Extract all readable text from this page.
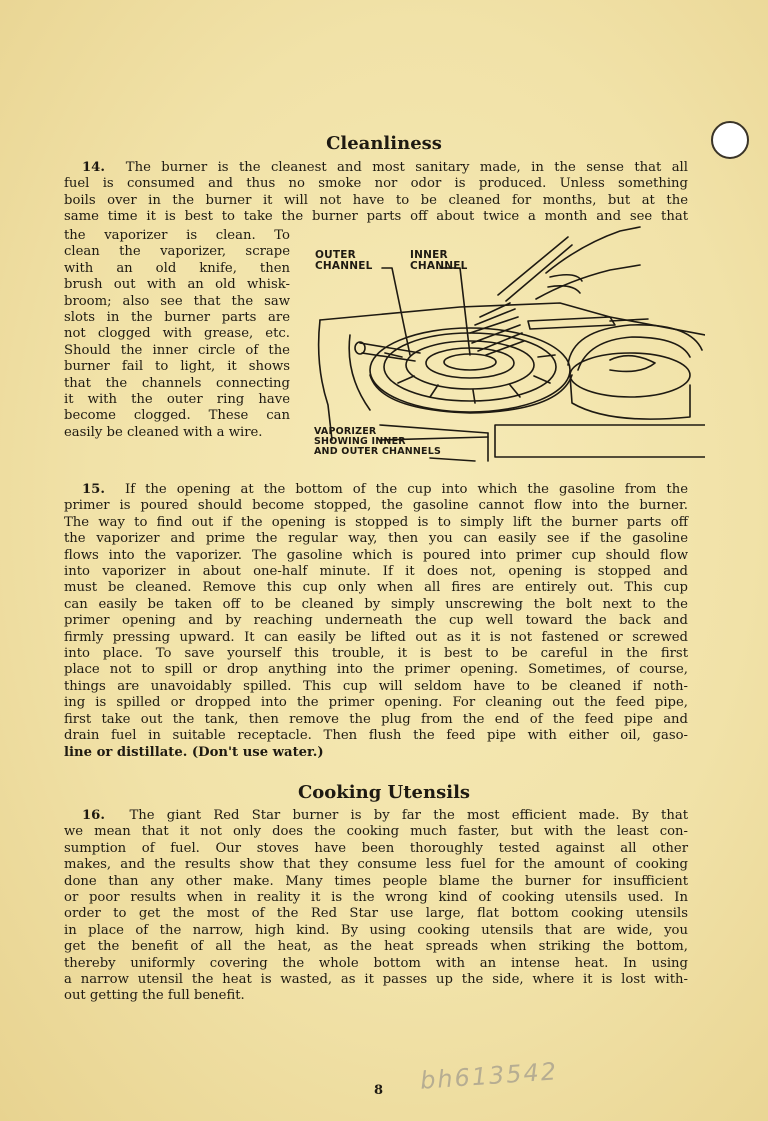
Cleanliness
14. The burner is the cleanest and most sanitary made, in the sense that all
fuel is consumed and thus no smoke nor odor is produced. Unless something
boils over in the burner it will not have to be cleaned for months, but at the
same time it is best to take the burner parts off about twice a month and see that
the vaporizer is clean. To
clean the vaporizer, scrape
with an old knife, then
brush out with an old whisk-
broom; also see that the saw
slots in the burner parts are
not clogged with grease, etc.
Should the inner circle of the
burner fail to light, it shows
that the channels connecting
it with the outer ring have
become clogged. These can
easily be cleaned with a wire.
OUTER
CHANNEL
INNER
CHANNEL
VAPORIZER
SHOWING INNER
AND OUTER CHANNELS
15. If the opening at the bottom of the cup into which the gasoline from the
primer is poured should become stopped, the gasoline cannot flow into the burner.
The way to find out if the opening is stopped is to simply lift the burner parts off
the vaporizer and prime the regular way, then you can easily see if the gasoline
flows into the vaporizer. The gasoline which is poured into primer cup should flow
into vaporizer in about one-half minute. If it does not, opening is stopped and
must be cleaned. Remove this cup only when all fires are entirely out. This cup
can easily be taken off to be cleaned by simply unscrewing the bolt next to the
primer opening and by reaching underneath the cup well toward the back and
firmly pressing upward. It can easily be lifted out as it is not fastened or screwed
into place. To save yourself this trouble, it is best to be careful in the first
place not to spill or drop anything into the primer opening. Sometimes, of course,
things are unavoidably spilled. This cup will seldom have to be cleaned if noth-
ing is spilled or dropped into the primer opening. For cleaning out the feed pipe,
first take out the tank, then remove the plug from the end of the feed pipe and
drain fuel in suitable receptacle. Then flush the feed pipe with either oil, gaso-
line or distillate. (Don't use water.)
Cooking Utensils
16. The giant Red Star burner is by far the most efficient made. By that
we mean that it not only does the cooking much faster, but with the least con-
sumption of fuel. Our stoves have been thoroughly tested against all other
makes, and the results show that they consume less fuel for the amount of cooking
done than any other make. Many times people blame the burner for insufficient
or poor results when in reality it is the wrong kind of cooking utensils used. In
order to get the most of the Red Star use large, flat bottom cooking utensils
in place of the narrow, high kind. By using cooking utensils that are wide, you
get the benefit of all the heat, as the heat spreads when striking the bottom,
thereby uniformly covering the whole bottom with an intense heat. In using
a narrow utensil the heat is wasted, as it passes up the side, where it is lost with-
out getting the full benefit.
bh613542
8
